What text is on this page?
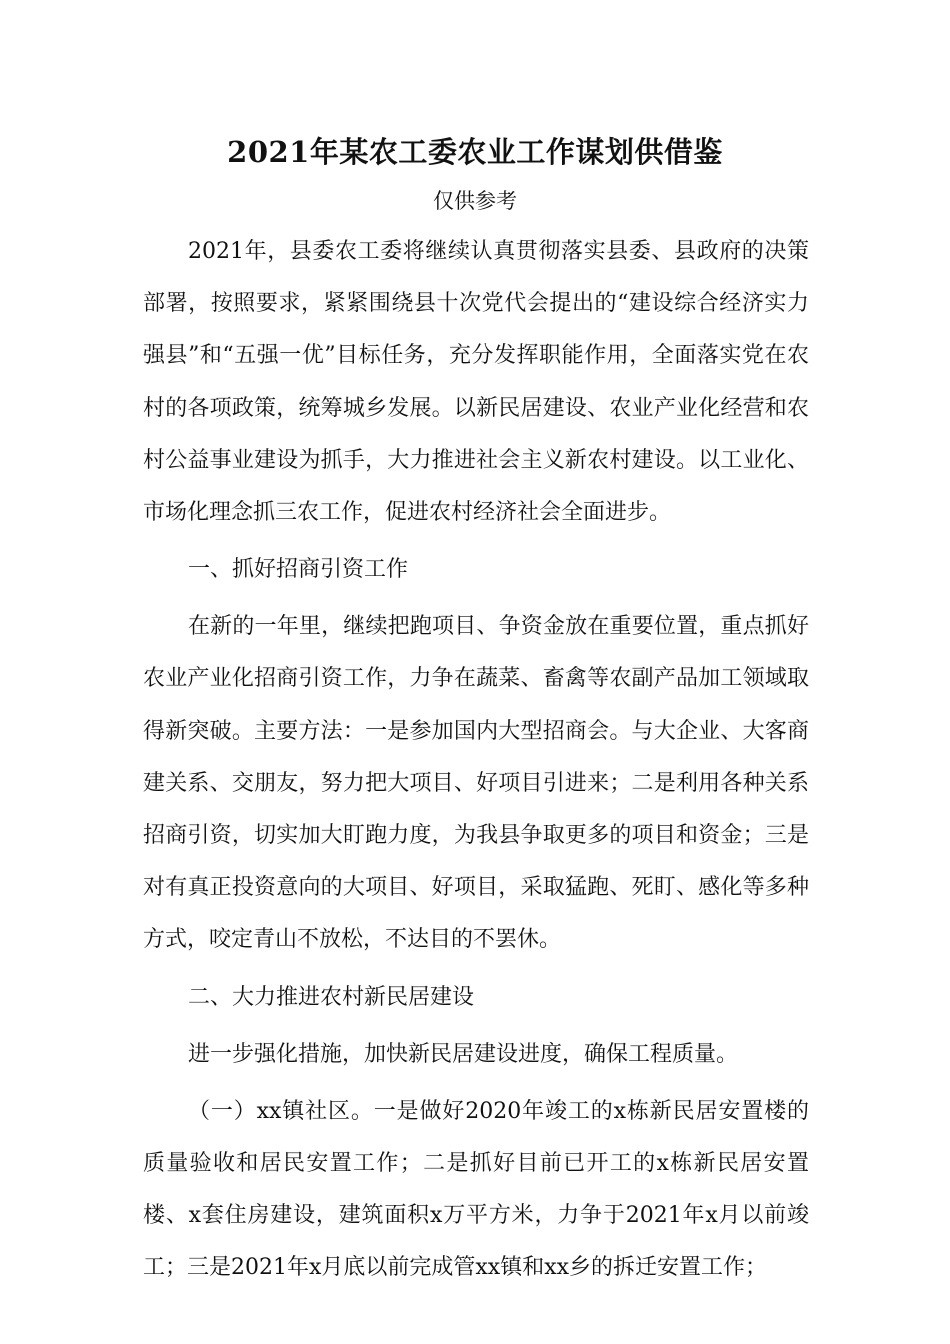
2021年某农工委农业工作谋划供借鉴
仅供参考

2021年，县委农工委将继续认真贯彻落实县委、县政府的决策部署，按照要求，紧紧围绕县十次党代会提出的“建设综合经济实力强县”和“五强一优”目标任务，充分发挥职能作用，全面落实党在农村的各项政策，统筹城乡发展。以新民居建设、农业产业化经营和农村公益事业建设为抓手，大力推进社会主义新农村建设。以工业化、市场化理念抓三农工作，促进农村经济社会全面进步。

一、抓好招商引资工作

在新的一年里，继续把跑项目、争资金放在重要位置，重点抓好农业产业化招商引资工作，力争在蔬菜、畜禽等农副产品加工领域取得新突破。主要方法：一是参加国内大型招商会。与大企业、大客商建关系、交朋友，努力把大项目、好项目引进来；二是利用各种关系招商引资，切实加大盯跑力度，为我县争取更多的项目和资金；三是对有真正投资意向的大项目、好项目，采取猛跑、死盯、感化等多种方式，咬定青山不放松，不达目的不罢休。

二、大力推进农村新民居建设

进一步强化措施，加快新民居建设进度，确保工程质量。

（一）xx镇社区。一是做好2020年竣工的x栋新民居安置楼的质量验收和居民安置工作；二是抓好目前已开工的x栋新民居安置楼、x套住房建设，建筑面积x万平方米，力争于2021年x月以前竣工；三是2021年x月底以前完成管xx镇和xx乡的拆迁安置工作；
